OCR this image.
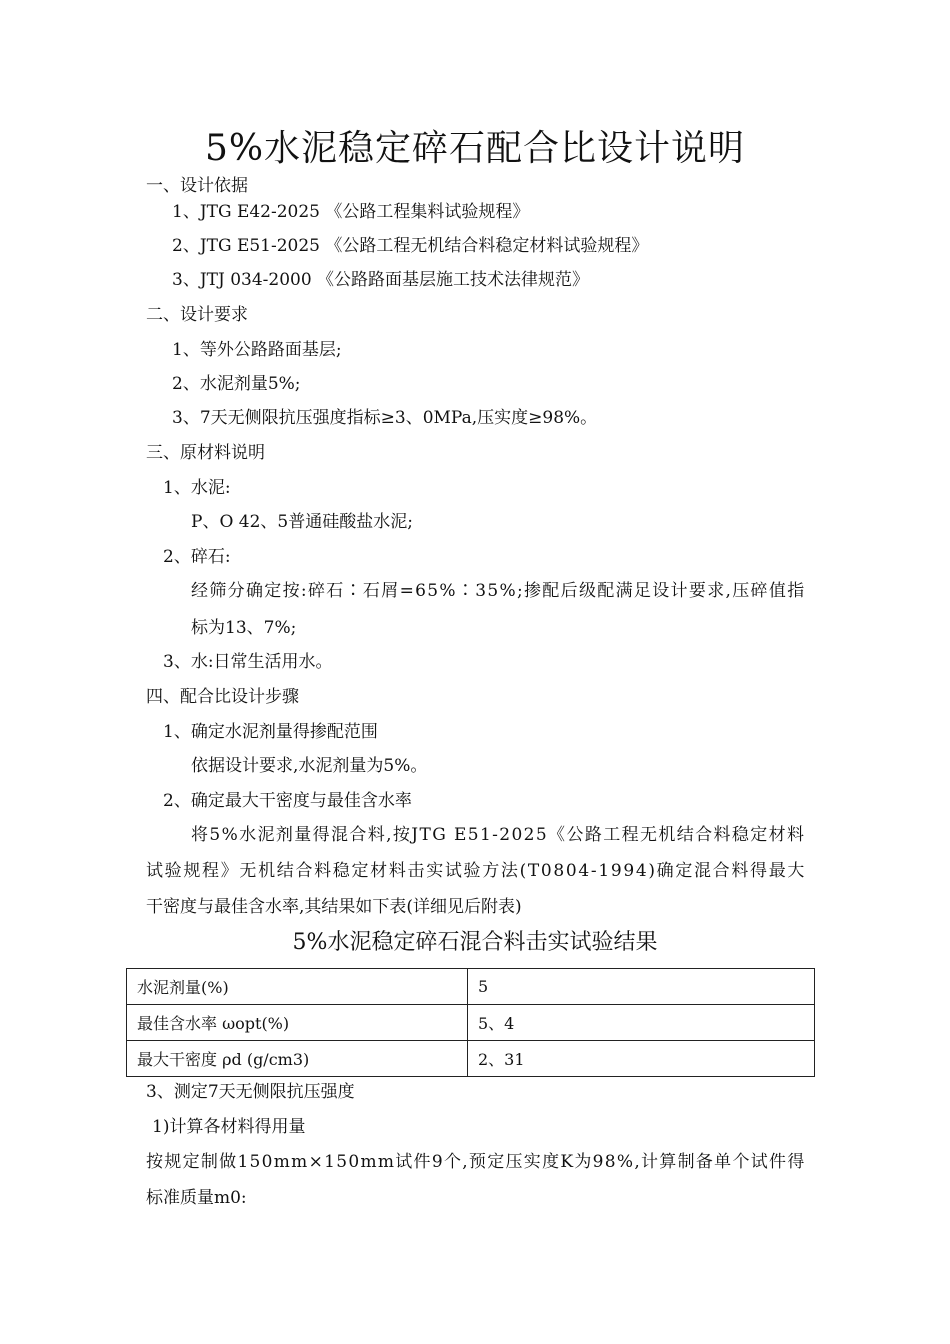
5%水泥稳定碎石配合比设计说明
一、设计依据
1、JTG E42-2025 《公路工程集料试验规程》
2、JTG E51-2025 《公路工程无机结合料稳定材料试验规程》
3、JTJ 034-2000 《公路路面基层施工技术法律规范》
二、设计要求
1、等外公路路面基层;
2、水泥剂量5%;
3、7天无侧限抗压强度指标≥3、0MPa,压实度≥98%。
三、原材料说明
1、水泥:
P、O 42、5普通硅酸盐水泥;
2、碎石:
经筛分确定按:碎石∶石屑=65%∶35%;掺配后级配满足设计要求,压碎值指
标为13、7%;
3、水:日常生活用水。
四、配合比设计步骤
1、确定水泥剂量得掺配范围
依据设计要求,水泥剂量为5%。
2、确定最大干密度与最佳含水率
将5%水泥剂量得混合料,按JTG E51-2025《公路工程无机结合料稳定材料
试验规程》无机结合料稳定材料击实试验方法(T0804-1994)确定混合料得最大
干密度与最佳含水率,其结果如下表(详细见后附表)
5%水泥稳定碎石混合料击实试验结果
水泥剂量(%)	5
最佳含水率 ωopt(%)	5、4
最大干密度 ρd (g/cm3)	2、31
3、测定7天无侧限抗压强度
1)计算各材料得用量
按规定制做150mm×150mm试件9个,预定压实度K为98%,计算制备单个试件得
标准质量m0:
